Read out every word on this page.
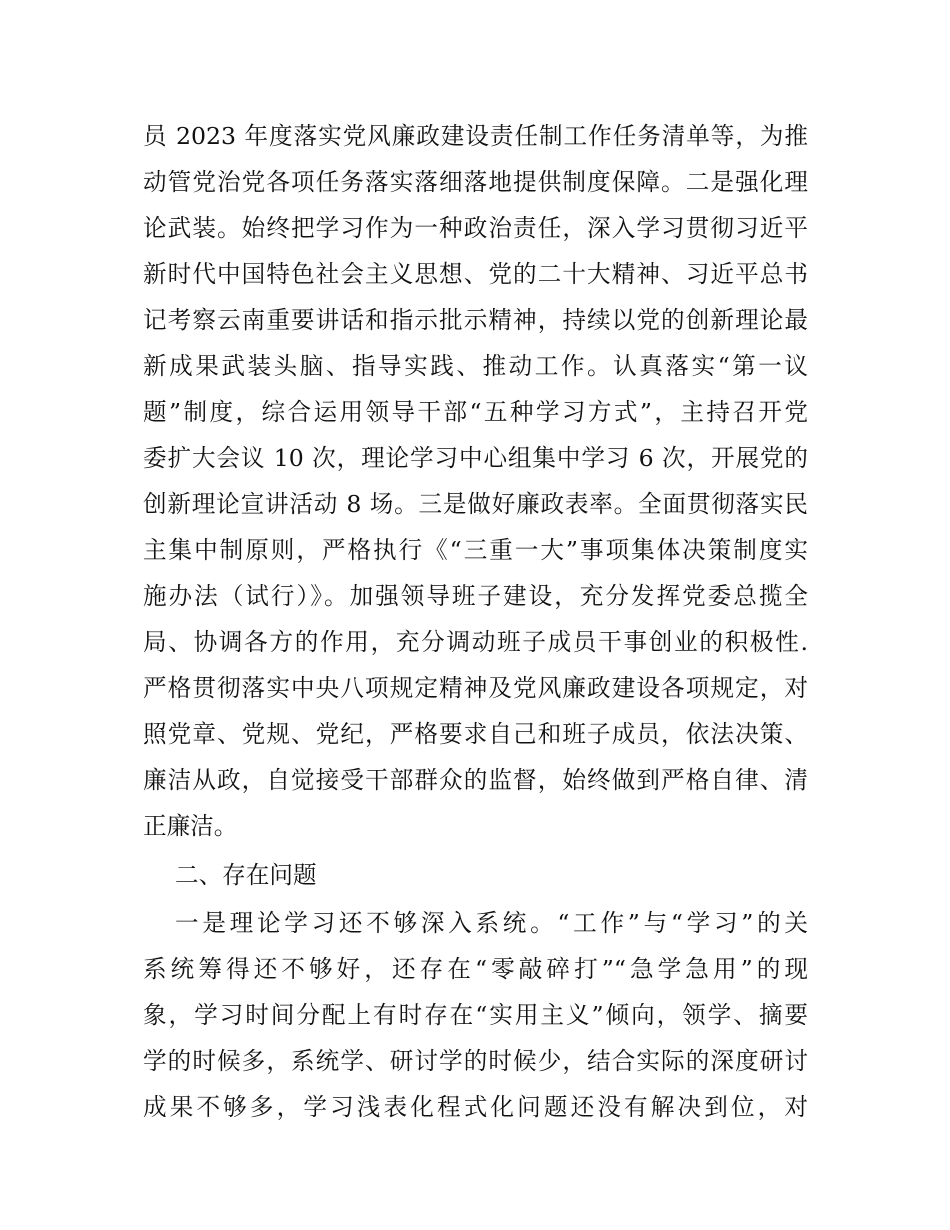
员 2023 年度落实党风廉政建设责任制工作任务清单等，为推
动管党治党各项任务落实落细落地提供制度保障。二是强化理
论武装。始终把学习作为一种政治责任，深入学习贯彻习近平
新时代中国特色社会主义思想、党的二十大精神、习近平总书
记考察云南重要讲话和指示批示精神，持续以党的创新理论最
新成果武装头脑、指导实践、推动工作。认真落实“第一议
题”制度，综合运用领导干部“五种学习方式”，主持召开党
委扩大会议 10 次，理论学习中心组集中学习 6 次，开展党的
创新理论宣讲活动 8 场。三是做好廉政表率。全面贯彻落实民
主集中制原则，严格执行《“三重一大”事项集体决策制度实
施办法（试行）》。加强领导班子建设，充分发挥党委总揽全
局、协调各方的作用，充分调动班子成员干事创业的积极性.
严格贯彻落实中央八项规定精神及党风廉政建设各项规定，对
照党章、党规、党纪，严格要求自己和班子成员，依法决策、
廉洁从政，自觉接受干部群众的监督，始终做到严格自律、清
正廉洁。
二、存在问题
一是理论学习还不够深入系统。“工作”与“学习”的关
系统筹得还不够好，还存在“零敲碎打”“急学急用”的现
象，学习时间分配上有时存在“实用主义”倾向，领学、摘要
学的时候多，系统学、研讨学的时候少，结合实际的深度研讨
成果不够多，学习浅表化程式化问题还没有解决到位，对
